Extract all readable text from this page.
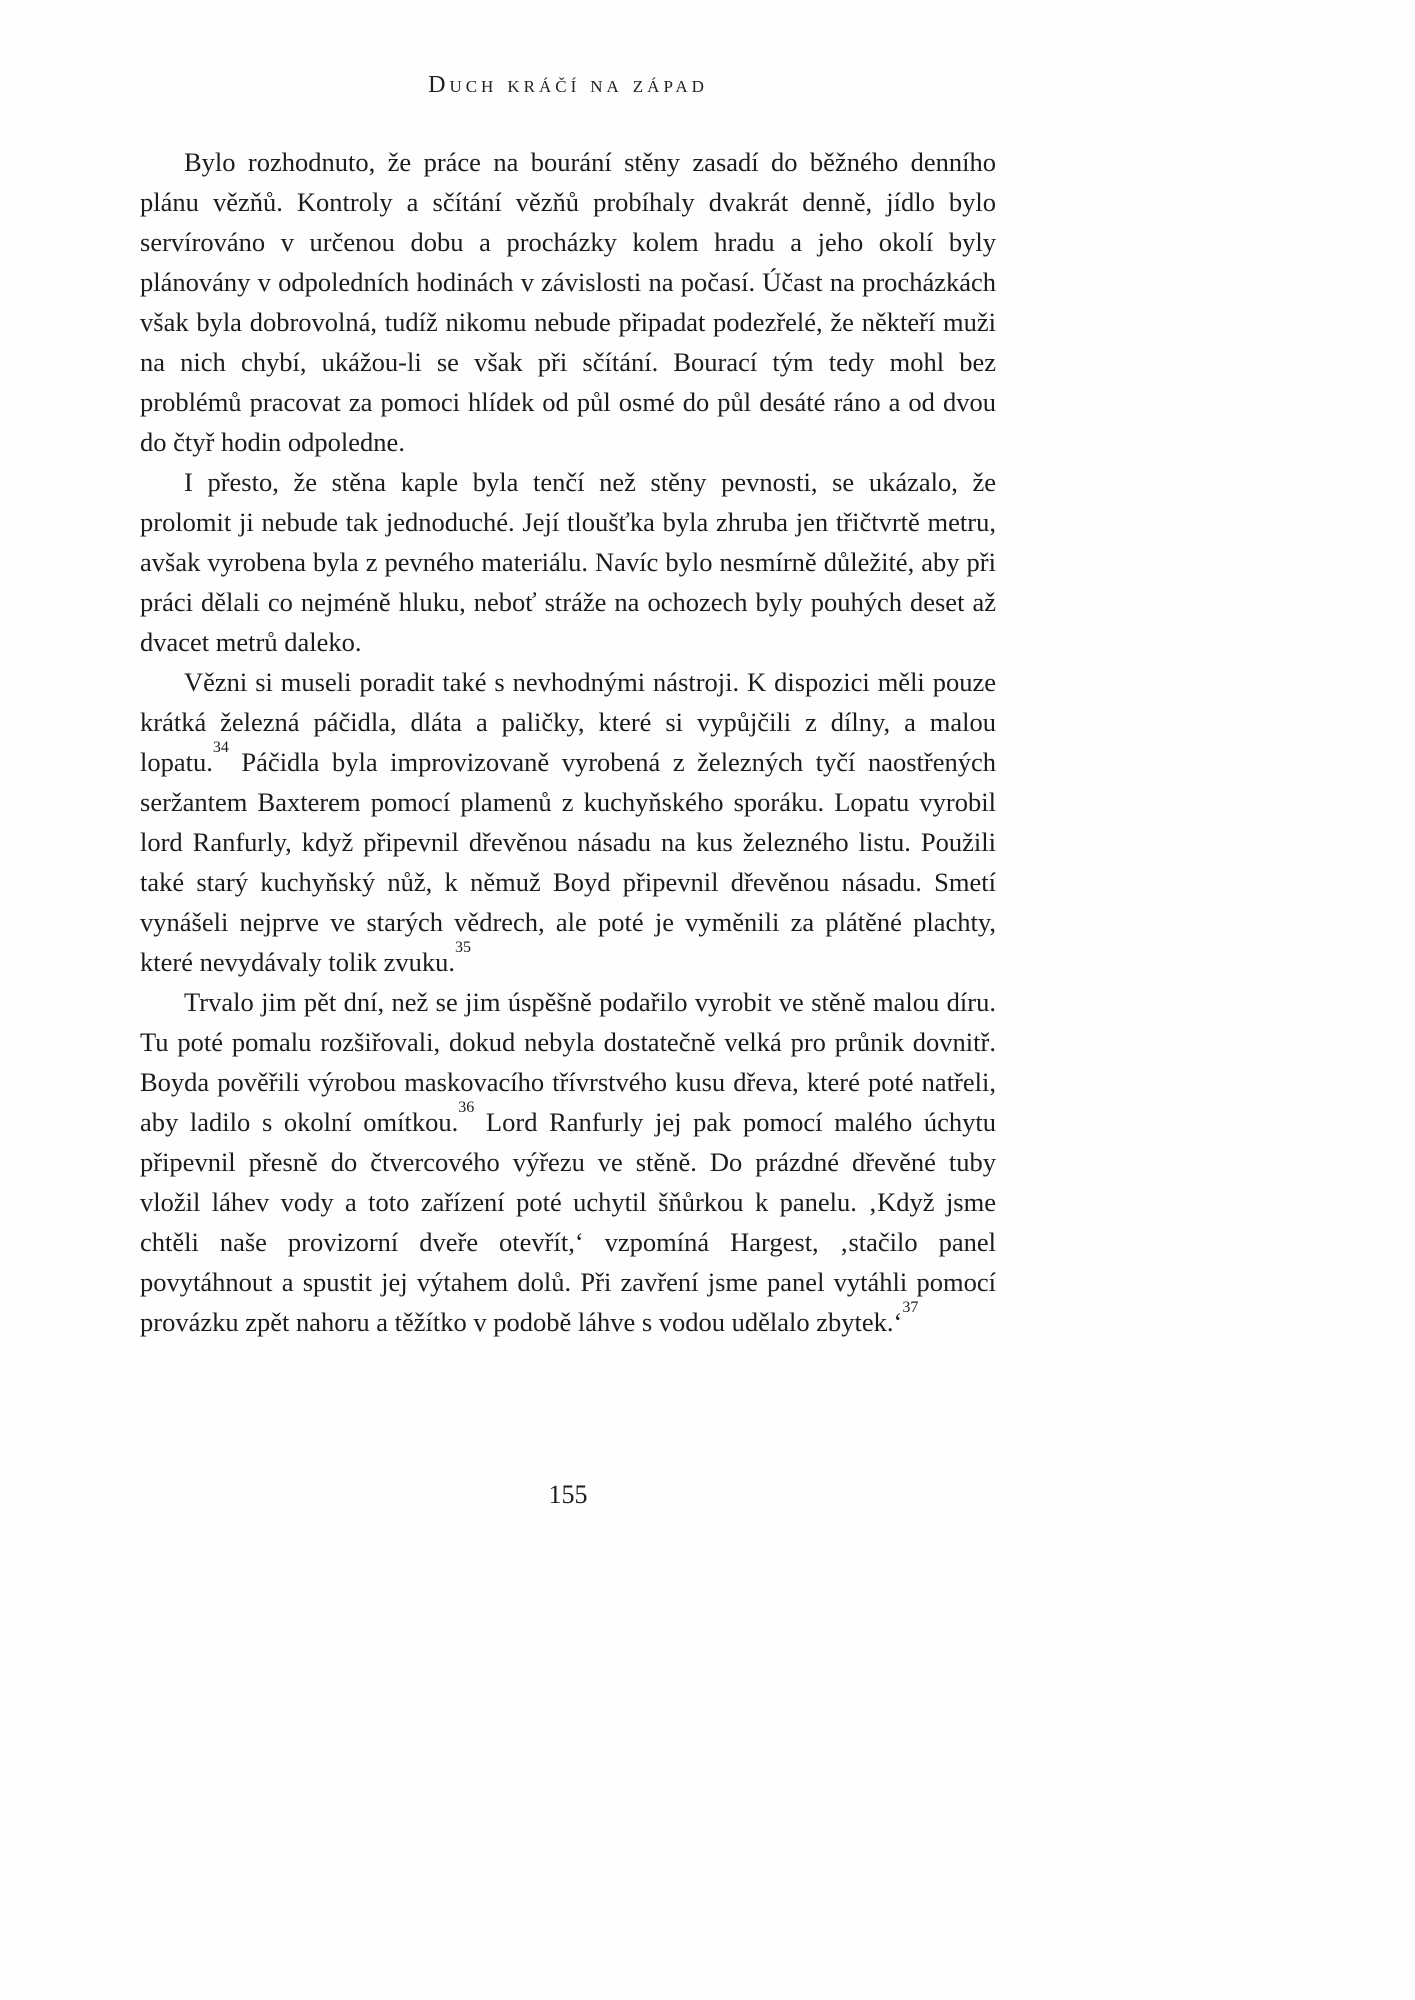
Duch kráčí na západ

Bylo rozhodnuto, že práce na bourání stěny zasadí do běžného denního plánu vězňů. Kontroly a sčítání vězňů probíhaly dvakrát denně, jídlo bylo servírováno v určenou dobu a procházky kolem hradu a jeho okolí byly plánovány v odpoledních hodinách v závislosti na počasí. Účast na procházkách však byla dobrovolná, tudíž nikomu nebude připadat podezřelé, že někteří muži na nich chybí, ukážou-li se však při sčítání. Bourací tým tedy mohl bez problémů pracovat za pomoci hlídek od půl osmé do půl desáté ráno a od dvou do čtyř hodin odpoledne.

I přesto, že stěna kaple byla tenčí než stěny pevnosti, se ukázalo, že prolomit ji nebude tak jednoduché. Její tloušťka byla zhruba jen třičtvrtě metru, avšak vyrobena byla z pevného materiálu. Navíc bylo nesmírně důležité, aby při práci dělali co nejméně hluku, neboť stráže na ochozech byly pouhých deset až dvacet metrů daleko.

Vězni si museli poradit také s nevhodnými nástroji. K dispozici měli pouze krátká železná páčidla, dláta a paličky, které si vypůjčili z dílny, a malou lopatu.$^{34}$ Páčidla byla improvizovaně vyrobená z železných tyčí naostřených seržantem Baxterem pomocí plamenů z kuchyňského sporáku. Lopatu vyrobil lord Ranfurly, když připevnil dřevěnou násadu na kus železného listu. Použili také starý kuchyňský nůž, k němuž Boyd připevnil dřevěnou násadu. Smetí vynášeli nejprve ve starých vědrech, ale poté je vyměnili za plátěné plachty, které nevydávaly tolik zvuku.$^{35}$

Trvalo jim pět dní, než se jim úspěšně podařilo vyrobit ve stěně malou díru. Tu poté pomalu rozšiřovali, dokud nebyla dostatečně velká pro průnik dovnitř. Boyda pověřili výrobou maskovacího třívrstvého kusu dřeva, které poté natřeli, aby ladilo s okolní omítkou.$^{36}$ Lord Ranfurly jej pak pomocí malého úchytu připevnil přesně do čtvercového výřezu ve stěně. Do prázdné dřevěné tuby vložil láhev vody a toto zařízení poté uchytil šňůrkou k panelu. ‚Když jsme chtěli naše provizorní dveře otevřít,‘ vzpomíná Hargest, ‚stačilo panel povytáhnout a spustit jej výtahem dolů. Při zavření jsme panel vytáhli pomocí provázku zpět nahoru a těžítko v podobě láhve s vodou udělalo zbytek.‘$^{37}$

155
